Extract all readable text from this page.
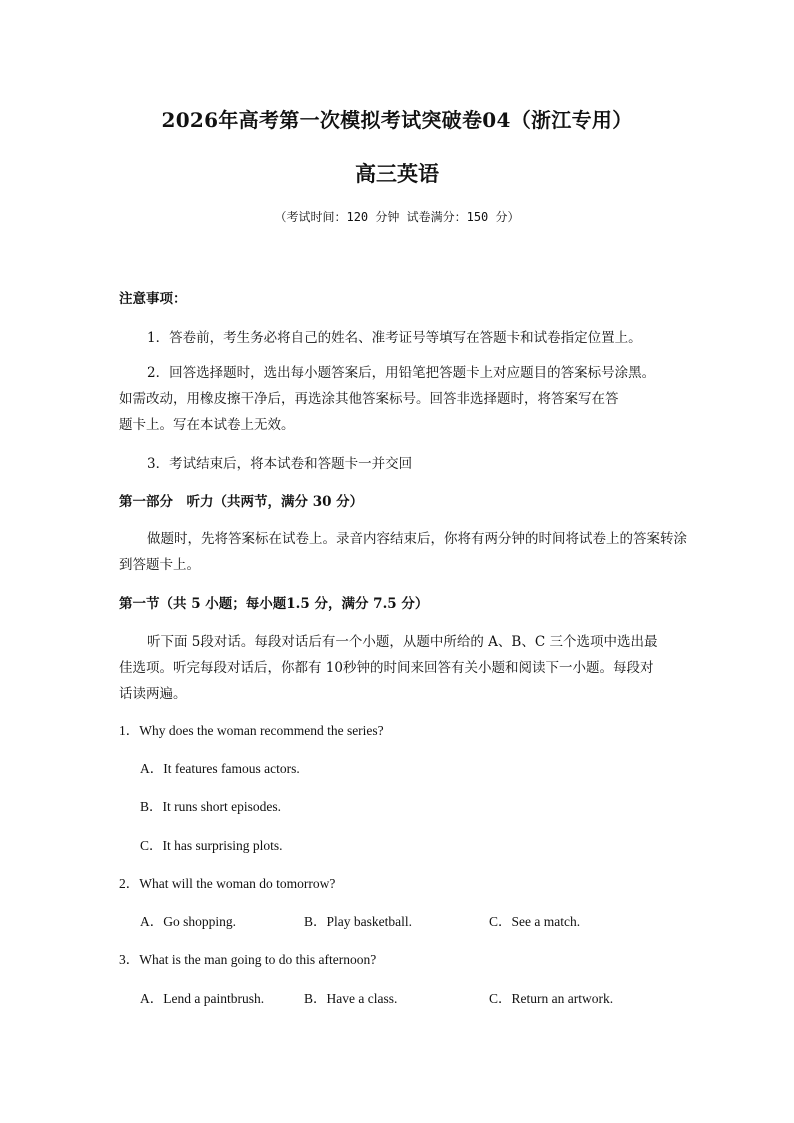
2026年高考第一次模拟考试突破卷04（浙江专用）
高三英语
（考试时间：120 分钟 试卷满分：150 分）
注意事项：
1．答卷前，考生务必将自己的姓名、准考证号等填写在答题卡和试卷指定位置上。
2．回答选择题时，选出每小题答案后，用铅笔把答题卡上对应题目的答案标号涂黑。
如需改动，用橡皮擦干净后，再选涂其他答案标号。回答非选择题时，将答案写在答
题卡上。写在本试卷上无效。
3．考试结束后，将本试卷和答题卡一并交回
第一部分　听力（共两节，满分 30 分）
做题时，先将答案标在试卷上。录音内容结束后，你将有两分钟的时间将试卷上的答案转涂
到答题卡上。
第一节（共 5 小题；每小题1.5 分，满分 7.5 分）
听下面 5段对话。每段对话后有一个小题，从题中所给的 A、B、C 三个选项中选出最
佳选项。听完每段对话后，你都有 10秒钟的时间来回答有关小题和阅读下一小题。每段对
话读两遍。
1．Why does the woman recommend the series?
A．It features famous actors.
B．It runs short episodes.
C．It has surprising plots.
2．What will the woman do tomorrow?
A．Go shopping.	B．Play basketball.	C．See a match.
3．What is the man going to do this afternoon?
A．Lend a paintbrush.	B．Have a class.	C．Return an artwork.
